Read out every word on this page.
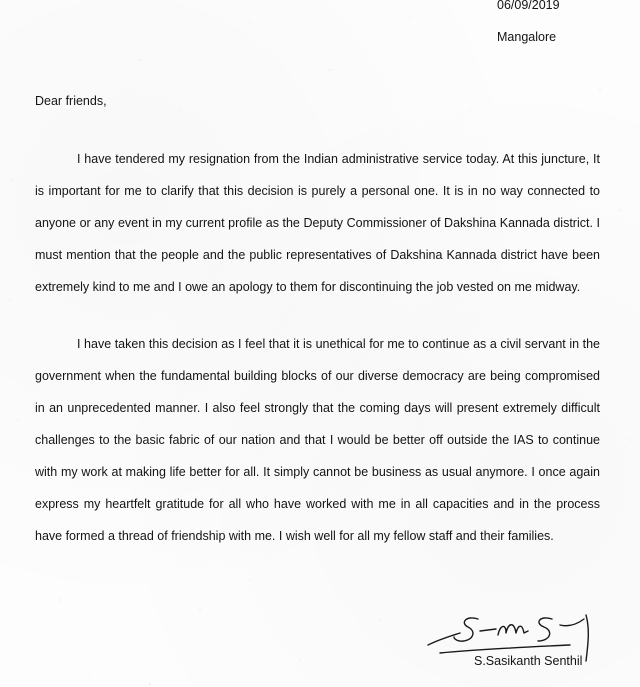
06/09/2019
Mangalore
Dear friends,

I have tendered my resignation from the Indian administrative service today. At this juncture, It is important for me to clarify that this decision is purely a personal one. It is in no way connected to anyone or any event in my current profile as the Deputy Commissioner of Dakshina Kannada district. I must mention that the people and the public representatives of Dakshina Kannada district have been extremely kind to me and I owe an apology to them for discontinuing the job vested on me midway.

I have taken this decision as I feel that it is unethical for me to continue as a civil servant in the government when the fundamental building blocks of our diverse democracy are being compromised in an unprecedented manner. I also feel strongly that the coming days will present extremely difficult challenges to the basic fabric of our nation and that I would be better off outside the IAS to continue with my work at making life better for all. It simply cannot be business as usual anymore. I once again express my heartfelt gratitude for all who have worked with me in all capacities and in the process have formed a thread of friendship with me. I wish well for all my fellow staff and their families.

S.Sasikanth Senthil
